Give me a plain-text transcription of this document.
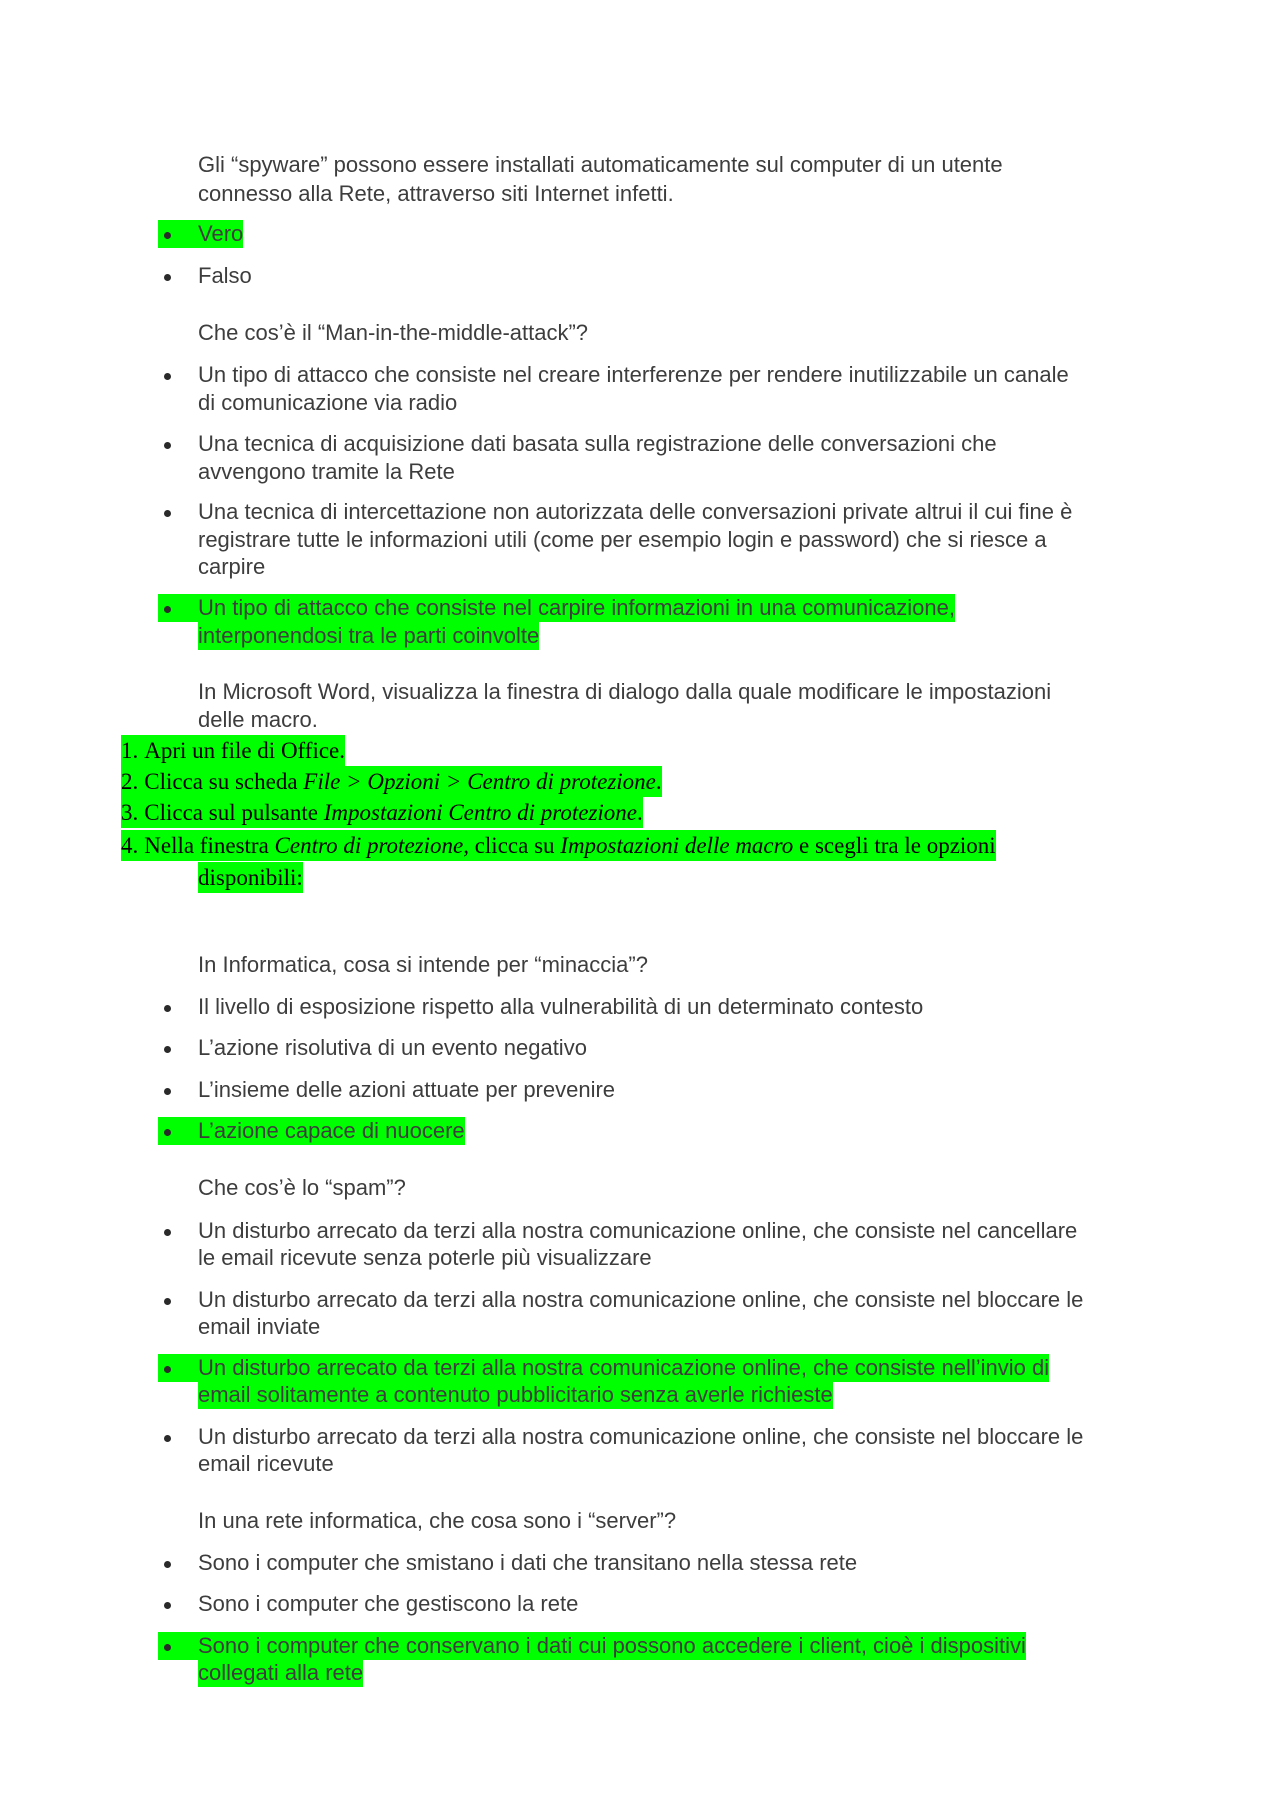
Gli “spyware” possono essere installati automaticamente sul computer di un utente
connesso alla Rete, attraverso siti Internet infetti.
Vero
Falso
Che cos’è il “Man-in-the-middle-attack”?
Un tipo di attacco che consiste nel creare interferenze per rendere inutilizzabile un canale
di comunicazione via radio
Una tecnica di acquisizione dati basata sulla registrazione delle conversazioni che
avvengono tramite la Rete
Una tecnica di intercettazione non autorizzata delle conversazioni private altrui il cui fine è
registrare tutte le informazioni utili (come per esempio login e password) che si riesce a
carpire
Un tipo di attacco che consiste nel carpire informazioni in una comunicazione,
interponendosi tra le parti coinvolte
In Microsoft Word, visualizza la finestra di dialogo dalla quale modificare le impostazioni
delle macro.
1. Apri un file di Office.
2. Clicca su scheda File > Opzioni > Centro di protezione.
3. Clicca sul pulsante Impostazioni Centro di protezione.
4. Nella finestra Centro di protezione, clicca su Impostazioni delle macro e scegli tra le opzioni
disponibili:
In Informatica, cosa si intende per “minaccia”?
Il livello di esposizione rispetto alla vulnerabilità di un determinato contesto
L’azione risolutiva di un evento negativo
L’insieme delle azioni attuate per prevenire
L’azione capace di nuocere
Che cos’è lo “spam”?
Un disturbo arrecato da terzi alla nostra comunicazione online, che consiste nel cancellare
le email ricevute senza poterle più visualizzare
Un disturbo arrecato da terzi alla nostra comunicazione online, che consiste nel bloccare le
email inviate
Un disturbo arrecato da terzi alla nostra comunicazione online, che consiste nell’invio di
email solitamente a contenuto pubblicitario senza averle richieste
Un disturbo arrecato da terzi alla nostra comunicazione online, che consiste nel bloccare le
email ricevute
In una rete informatica, che cosa sono i “server”?
Sono i computer che smistano i dati che transitano nella stessa rete
Sono i computer che gestiscono la rete
Sono i computer che conservano i dati cui possono accedere i client, cioè i dispositivi
collegati alla rete
